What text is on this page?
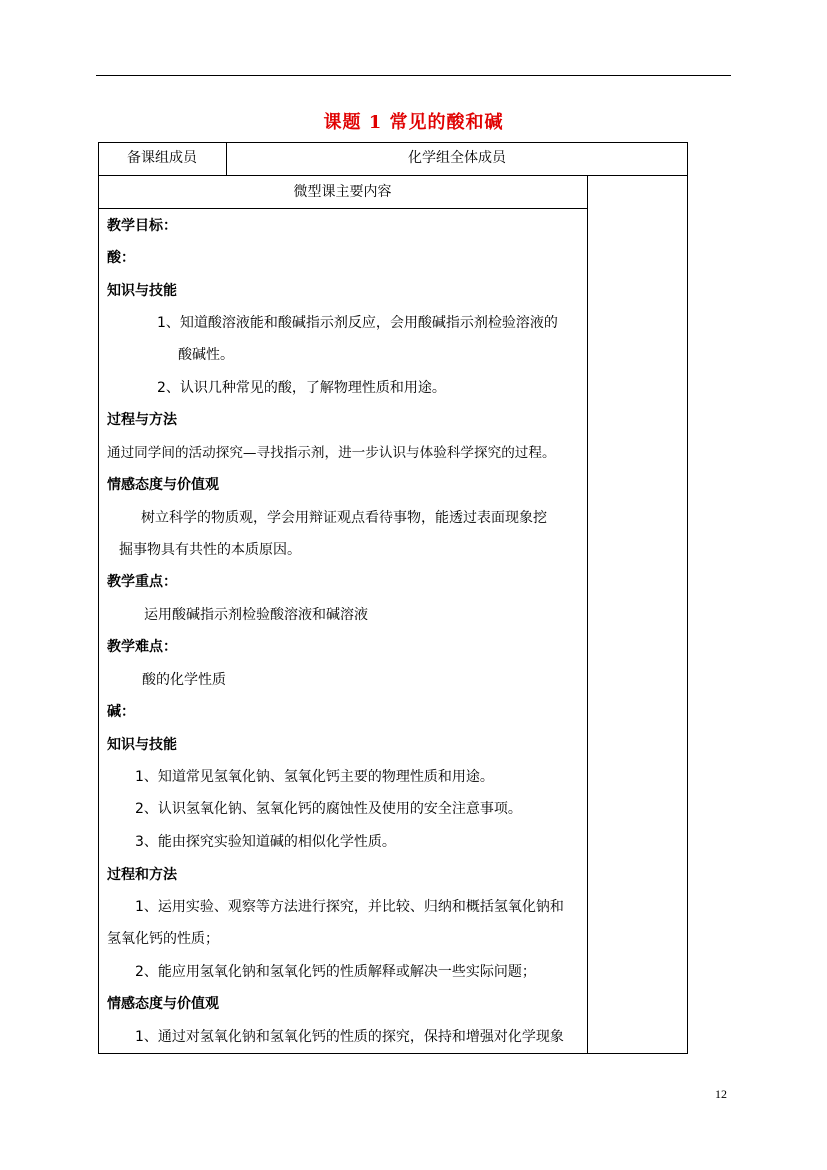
课题 1 常见的酸和碱
备课组成员	化学组全体成员
微型课主要内容
教学目标：
酸：
知识与技能
1、知道酸溶液能和酸碱指示剂反应，会用酸碱指示剂检验溶液的
酸碱性。
2、认识几种常见的酸，了解物理性质和用途。
过程与方法
通过同学间的活动探究—寻找指示剂，进一步认识与体验科学探究的过程。
情感态度与价值观
树立科学的物质观，学会用辩证观点看待事物，能透过表面现象挖
掘事物具有共性的本质原因。
教学重点：
运用酸碱指示剂检验酸溶液和碱溶液
教学难点：
酸的化学性质
碱：
知识与技能
1、知道常见氢氧化钠、氢氧化钙主要的物理性质和用途。
2、认识氢氧化钠、氢氧化钙的腐蚀性及使用的安全注意事项。
3、能由探究实验知道碱的相似化学性质。
过程和方法
1、运用实验、观察等方法进行探究，并比较、归纳和概括氢氧化钠和
氢氧化钙的性质；
2、能应用氢氧化钠和氢氧化钙的性质解释或解决一些实际问题；
情感态度与价值观
1、通过对氢氧化钠和氢氧化钙的性质的探究，保持和增强对化学现象
12
